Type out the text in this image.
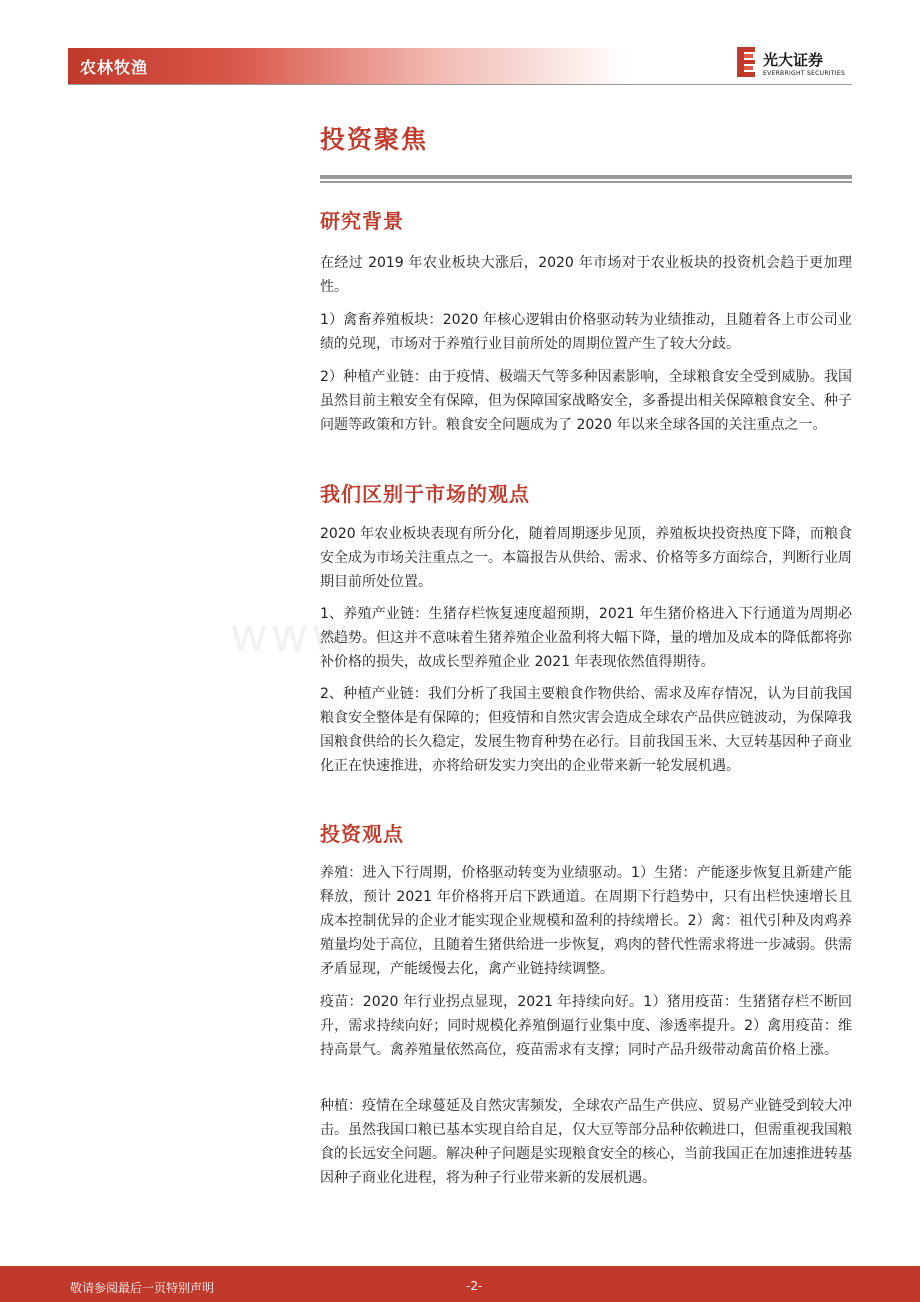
农林牧渔	光大证券
EVERBRIGHT SECURITIES
投资聚焦
www.
研究背景
在经过 2019 年农业板块大涨后，2020 年市场对于农业板块的投资机会趋于更加理性。
1）禽畜养殖板块：2020 年核心逻辑由价格驱动转为业绩推动，且随着各上市公司业绩的兑现，市场对于养殖行业目前所处的周期位置产生了较大分歧。
2）种植产业链：由于疫情、极端天气等多种因素影响，全球粮食安全受到威胁。我国虽然目前主粮安全有保障，但为保障国家战略安全，多番提出相关保障粮食安全、种子问题等政策和方针。粮食安全问题成为了 2020 年以来全球各国的关注重点之一。
我们区别于市场的观点
2020 年农业板块表现有所分化，随着周期逐步见顶，养殖板块投资热度下降，而粮食安全成为市场关注重点之一。本篇报告从供给、需求、价格等多方面综合，判断行业周期目前所处位置。
1、养殖产业链：生猪存栏恢复速度超预期，2021 年生猪价格进入下行通道为周期必然趋势。但这并不意味着生猪养殖企业盈利将大幅下降，量的增加及成本的降低都将弥补价格的损失，故成长型养殖企业 2021 年表现依然值得期待。
2、种植产业链：我们分析了我国主要粮食作物供给、需求及库存情况，认为目前我国粮食安全整体是有保障的；但疫情和自然灾害会造成全球农产品供应链波动，为保障我国粮食供给的长久稳定，发展生物育种势在必行。目前我国玉米、大豆转基因种子商业化正在快速推进，亦将给研发实力突出的企业带来新一轮发展机遇。
投资观点
养殖：进入下行周期，价格驱动转变为业绩驱动。1）生猪：产能逐步恢复且新建产能释放，预计 2021 年价格将开启下跌通道。在周期下行趋势中，只有出栏快速增长且成本控制优异的企业才能实现企业规模和盈利的持续增长。2）禽：祖代引种及肉鸡养殖量均处于高位，且随着生猪供给进一步恢复，鸡肉的替代性需求将进一步减弱。供需矛盾显现，产能缓慢去化，禽产业链持续调整。
疫苗：2020 年行业拐点显现，2021 年持续向好。1）猪用疫苗：生猪猪存栏不断回升，需求持续向好；同时规模化养殖倒逼行业集中度、渗透率提升。2）禽用疫苗：维持高景气。禽养殖量依然高位，疫苗需求有支撑；同时产品升级带动禽苗价格上涨。
种植：疫情在全球蔓延及自然灾害频发，全球农产品生产供应、贸易产业链受到较大冲击。虽然我国口粮已基本实现自给自足，仅大豆等部分品种依赖进口，但需重视我国粮食的长远安全问题。解决种子问题是实现粮食安全的核心，当前我国正在加速推进转基因种子商业化进程，将为种子行业带来新的发展机遇。
敬请参阅最后一页特别声明	-2-
